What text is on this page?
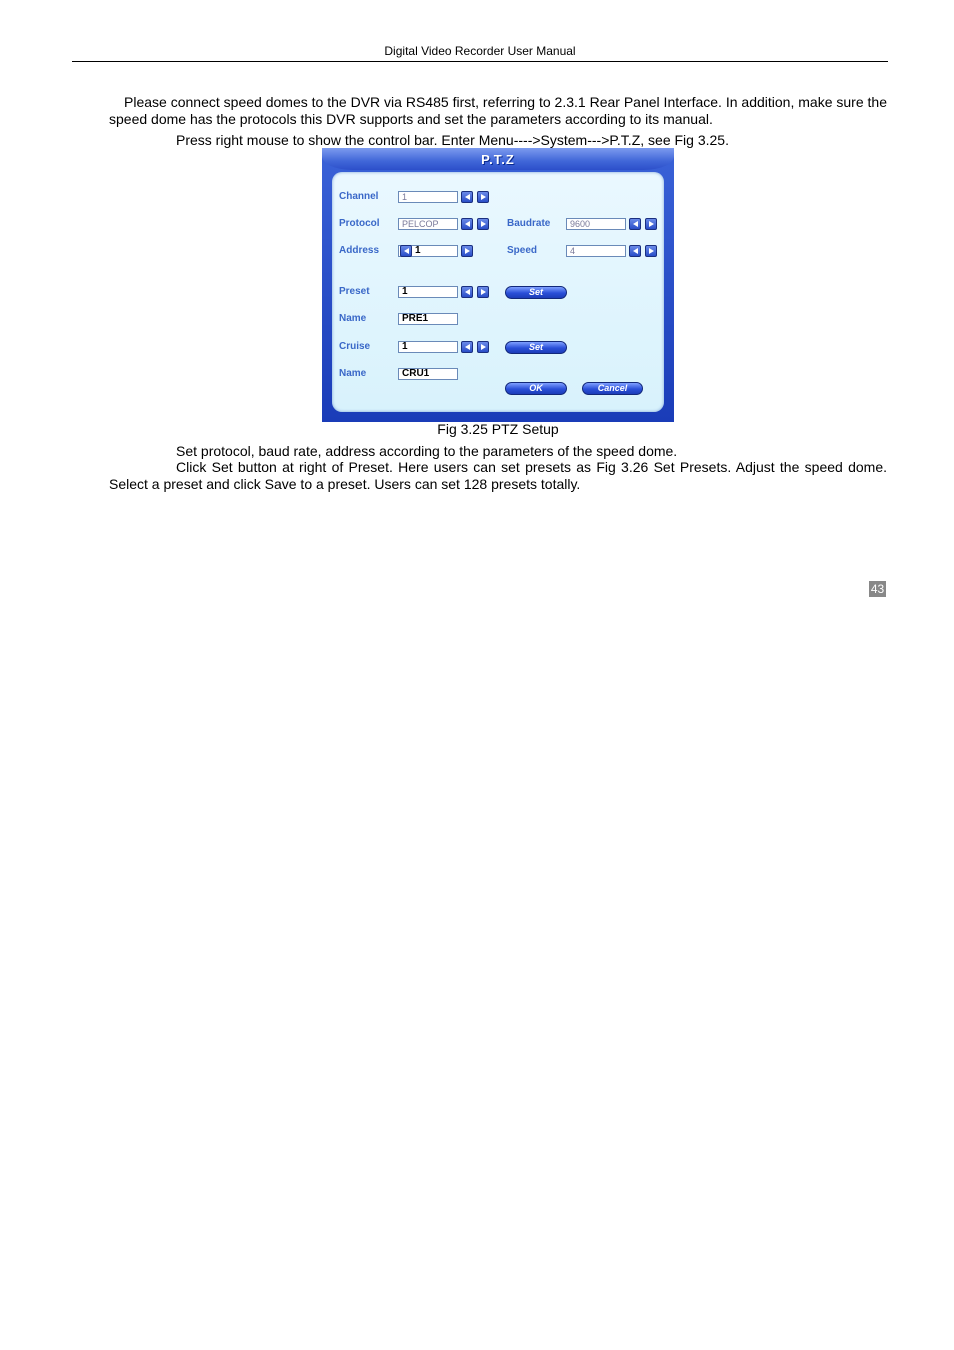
Digital Video Recorder User Manual

Please connect speed domes to the DVR via RS485 first, referring to 2.3.1 Rear Panel Interface. In addition, make sure the speed dome has the protocols this DVR supports and set the parameters according to its manual.

Press right mouse to show the control bar. Enter Menu---->System--->P.T.Z, see Fig 3.25.

P.T.Z
Channel	1
Protocol	PELCOP	Baudrate	9600
Address	1	Speed	4
Preset	1	Set
Name	PRE1
Cruise	1	Set
Name	CRU1
OK	Cancel
Fig 3.25 PTZ Setup

Set protocol, baud rate, address according to the parameters of the speed dome.

Click Set button at right of Preset. Here users can set presets as Fig 3.26 Set Presets. Adjust the speed dome. Select a preset and click Save to a preset. Users can set 128 presets totally.

43
